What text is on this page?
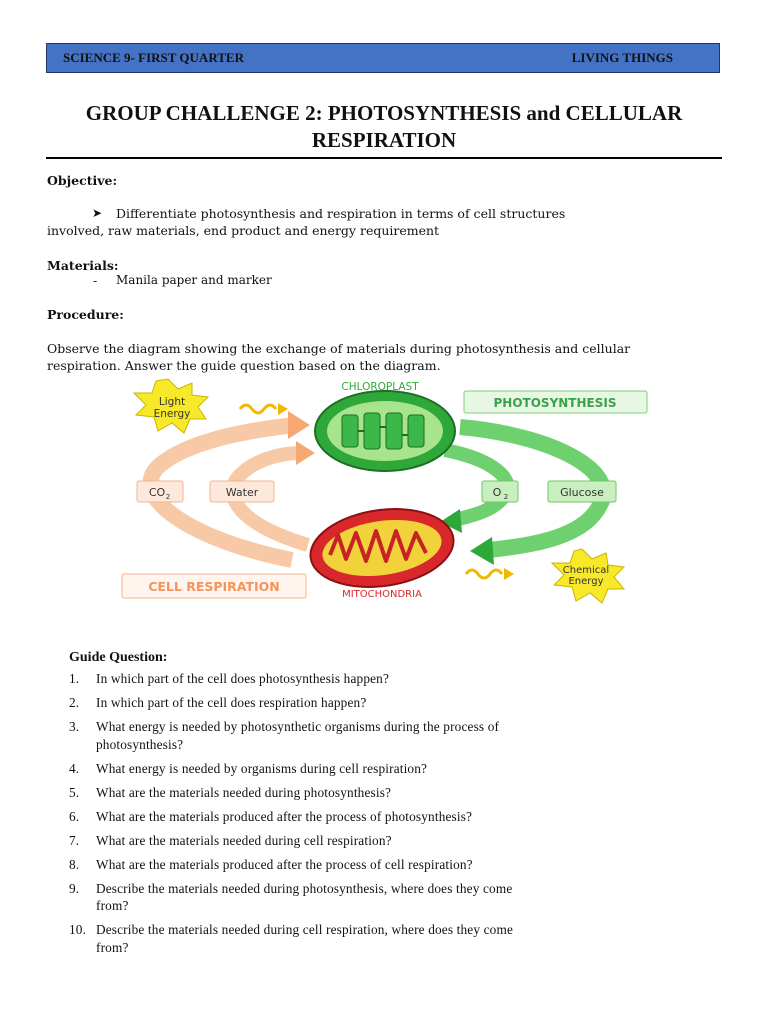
SCIENCE 9- FIRST QUARTER	LIVING THINGS
GROUP CHALLENGE 2: PHOTOSYNTHESIS and CELLULAR
RESPIRATION
Objective:
➤ Differentiate photosynthesis and respiration in terms of cell structures
involved, raw materials, end product and energy requirement
Materials:
- Manila paper and marker
Procedure:
Observe the diagram showing the exchange of materials during photosynthesis and cellular
respiration. Answer the guide question based on the diagram.
Light
Energy
Chemical
Energy
CHLOROPLAST
PHOTOSYNTHESIS
CO 2	Water	O 2	Glucose
CELL RESPIRATION
MITOCHONDRIA
Guide Question:
1. In which part of the cell does photosynthesis happen?
2. In which part of the cell does respiration happen?
3. What energy is needed by photosynthetic organisms during the process of
photosynthesis?
4. What energy is needed by organisms during cell respiration?
5. What are the materials needed during photosynthesis?
6. What are the materials produced after the process of photosynthesis?
7. What are the materials needed during cell respiration?
8. What are the materials produced after the process of cell respiration?
9. Describe the materials needed during photosynthesis, where does they come
from?
10. Describe the materials needed during cell respiration, where does they come
from?
